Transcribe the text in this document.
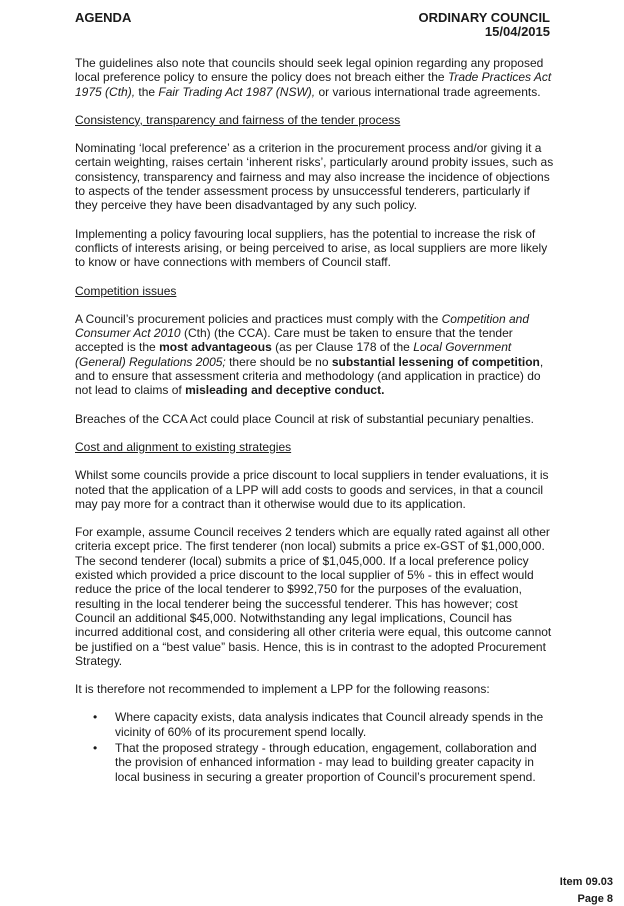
AGENDA	ORDINARY COUNCIL
15/04/2015

The guidelines also note that councils should seek legal opinion regarding any proposed local preference policy to ensure the policy does not breach either the Trade Practices Act 1975 (Cth), the Fair Trading Act 1987 (NSW), or various international trade agreements.

Consistency, transparency and fairness of the tender process

Nominating ‘local preference’ as a criterion in the procurement process and/or giving it a certain weighting, raises certain ‘inherent risks’, particularly around probity issues, such as consistency, transparency and fairness and may also increase the incidence of objections to aspects of the tender assessment process by unsuccessful tenderers, particularly if they perceive they have been disadvantaged by any such policy.

Implementing a policy favouring local suppliers, has the potential to increase the risk of conflicts of interests arising, or being perceived to arise, as local suppliers are more likely to know or have connections with members of Council staff.

Competition issues

A Council’s procurement policies and practices must comply with the Competition and Consumer Act 2010 (Cth) (the CCA). Care must be taken to ensure that the tender accepted is the most advantageous (as per Clause 178 of the Local Government (General) Regulations 2005; there should be no substantial lessening of competition, and to ensure that assessment criteria and methodology (and application in practice) do not lead to claims of misleading and deceptive conduct.

Breaches of the CCA Act could place Council at risk of substantial pecuniary penalties.

Cost and alignment to existing strategies

Whilst some councils provide a price discount to local suppliers in tender evaluations, it is noted that the application of a LPP will add costs to goods and services, in that a council may pay more for a contract than it otherwise would due to its application.

For example, assume Council receives 2 tenders which are equally rated against all other criteria except price. The first tenderer (non local) submits a price ex-GST of $1,000,000. The second tenderer (local) submits a price of $1,045,000. If a local preference policy existed which provided a price discount to the local supplier of 5% - this in effect would reduce the price of the local tenderer to $992,750 for the purposes of the evaluation, resulting in the local tenderer being the successful tenderer. This has however; cost Council an additional $45,000. Notwithstanding any legal implications, Council has incurred additional cost, and considering all other criteria were equal, this outcome cannot be justified on a “best value” basis. Hence, this is in contrast to the adopted Procurement Strategy.

It is therefore not recommended to implement a LPP for the following reasons:

• Where capacity exists, data analysis indicates that Council already spends in the vicinity of 60% of its procurement spend locally.
• That the proposed strategy - through education, engagement, collaboration and the provision of enhanced information - may lead to building greater capacity in local business in securing a greater proportion of Council’s procurement spend.
Item 09.03
Page 8
